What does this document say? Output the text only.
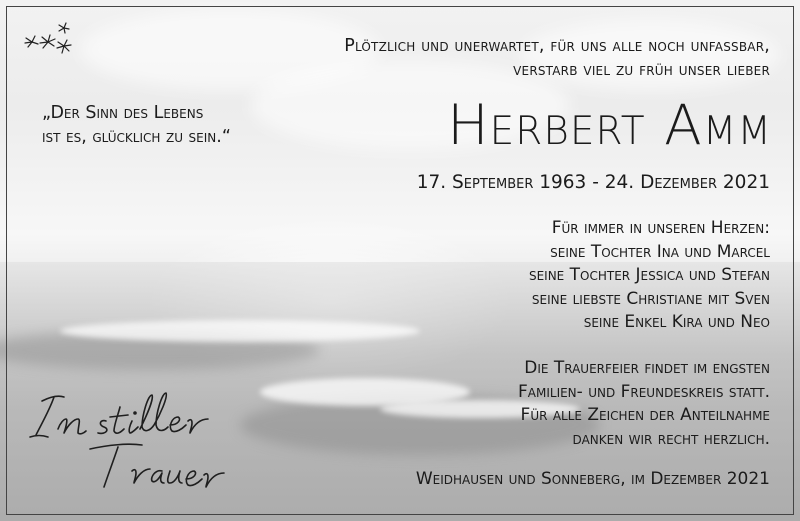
Plötzlich und unerwartet, für uns alle noch unfassbar,
verstarb viel zu früh unser lieber
Herbert Amm
17. September 1963 - 24. Dezember 2021
„Der Sinn des Lebens
ist es, glücklich zu sein.“
Für immer in unseren Herzen:
seine Tochter Ina und Marcel
seine Tochter Jessica und Stefan
seine liebste Christiane mit Sven
seine Enkel Kira und Neo
Die Trauerfeier findet im engsten
Familien- und Freundeskreis statt.
Für alle Zeichen der Anteilnahme
danken wir recht herzlich.
Weidhausen und Sonneberg, im Dezember 2021
